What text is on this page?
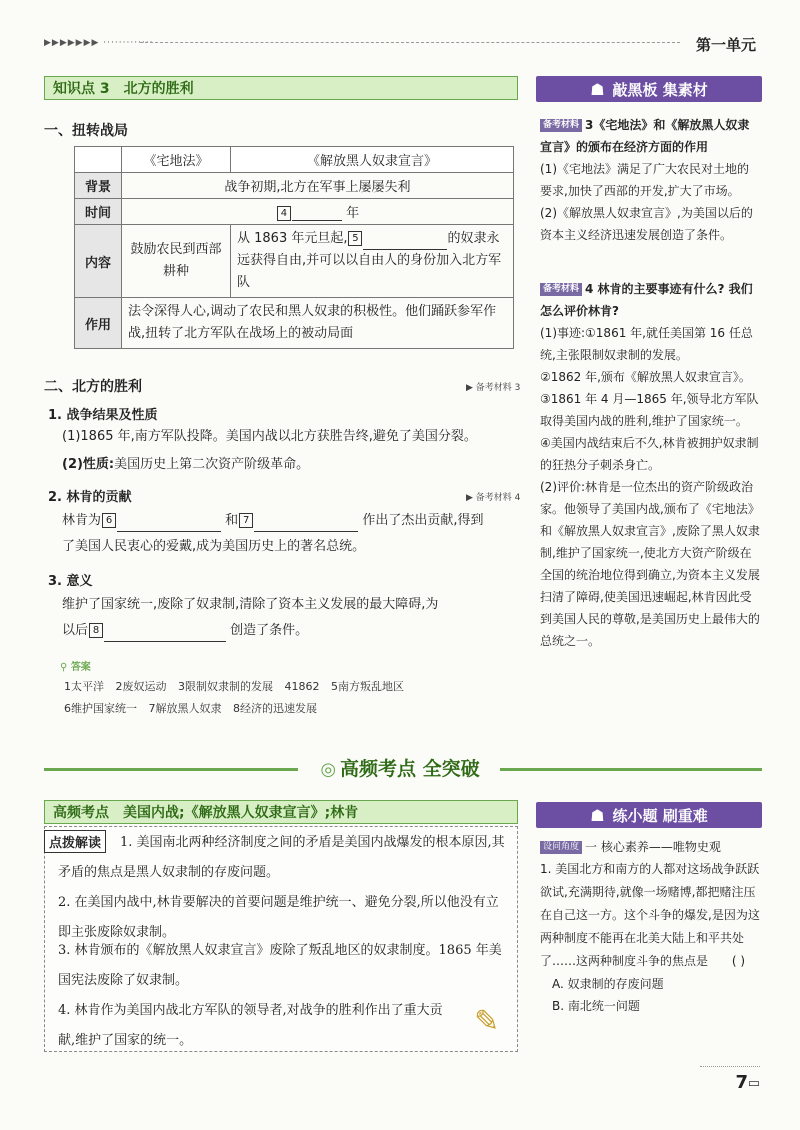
▶▶▶▶▶▶▶ ·············	第一单元
知识点 3 北方的胜利	☗ 敲黑板 集素材
一、扭转战局
	《宅地法》	《解放黑人奴隶宣言》
背景	战争初期,北方在军事上屡屡失利	
时间	4 年	
内容	鼓励农民到西部耕种	从 1863 年元旦起, 5 的奴隶永远获得自由,并可以以自由人的身份加入北方军队
作用	法令深得人心,调动了农民和黑人奴隶的积极性。他们踊跃参军作战,扭转了北方军队在战场上的被动局面	
二、北方的胜利	▶ 备考材料 3
1. 战争结果及性质
(1)1865 年,南方军队投降。美国内战以北方获胜告终,避免了美国分裂。
(2)性质:美国历史上第二次资产阶级革命。
2. 林肯的贡献	▶ 备考材料 4
林肯为 6	和 7	作出了杰出贡献,得到
了美国人民衷心的爱戴,成为美国历史上的著名总统。
3. 意义
维护了国家统一,废除了奴隶制,清除了资本主义发展的最大障碍,为
以后 8	创造了条件。
⚲ 答案
1太平洋 2废奴运动 3限制奴隶制的发展 41862 5南方叛乱地区
6维护国家统一 7解放黑人奴隶 8经济的迅速发展
备考材料 3《宅地法》和《解放黑人奴隶宣言》的颁布在经济方面的作用
(1)《宅地法》满足了广大农民对土地的要求,加快了西部的开发,扩大了市场。
(2)《解放黑人奴隶宣言》,为美国以后的资本主义经济迅速发展创造了条件。
备考材料 4 林肯的主要事迹有什么? 我们怎么评价林肯?
(1)事迹:①1861 年,就任美国第 16 任总统,主张限制奴隶制的发展。
②1862 年,颁布《解放黑人奴隶宣言》。
③1861 年 4 月—1865 年,领导北方军队取得美国内战的胜利,维护了国家统一。
④美国内战结束后不久,林肯被拥护奴隶制的狂热分子刺杀身亡。
(2)评价:林肯是一位杰出的资产阶级政治家。他领导了美国内战,颁布了《宅地法》和《解放黑人奴隶宣言》,废除了黑人奴隶制,维护了国家统一,使北方大资产阶级在全国的统治地位得到确立,为资本主义发展扫清了障碍,使美国迅速崛起,林肯因此受到美国人民的尊敬,是美国历史上最伟大的总统之一。
◎ 高频考点 全突破
高频考点 美国内战;《解放黑人奴隶宣言》;林肯	☗ 练小题 刷重难
点拨解读	1. 美国南北两种经济制度之间的矛盾是美国内战爆发的根本原因,其矛盾的焦点是黑人奴隶制的存废问题。
2. 在美国内战中,林肯要解决的首要问题是维护统一、避免分裂,所以他没有立即主张废除奴隶制。
3. 林肯颁布的《解放黑人奴隶宣言》废除了叛乱地区的奴隶制度。1865 年美国宪法废除了奴隶制。
4. 林肯作为美国内战北方军队的领导者,对战争的胜利作出了重大贡献,维护了国家的统一。
✎
设问角度 一 核心素养——唯物史观
1. 美国北方和南方的人都对这场战争跃跃欲试,充满期待,就像一场赌博,都把赌注压在自己这一方。这个斗争的爆发,是因为这两种制度不能再在北美大陆上和平共处了……这两种制度斗争的焦点是 ( )
A. 奴隶制的存废问题
B. 南北统一问题
7 ▭
